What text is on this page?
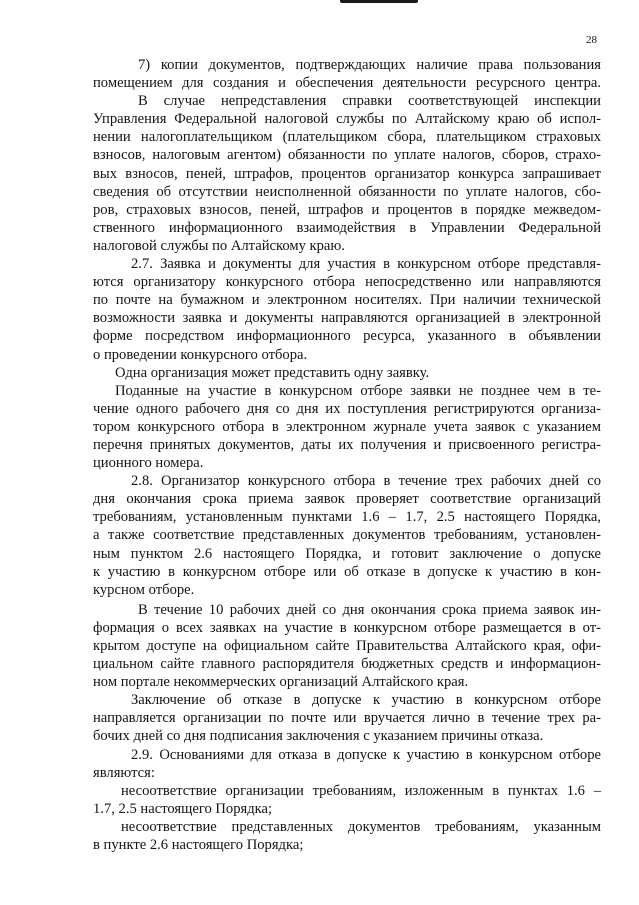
28
7) копии документов, подтверждающих наличие права пользования
помещением для создания и обеспечения деятельности ресурсного центра.
В случае непредставления справки соответствующей инспекции
Управления Федеральной налоговой службы по Алтайскому краю об испол-
нении налогоплательщиком (плательщиком сбора, плательщиком страховых
взносов, налоговым агентом) обязанности по уплате налогов, сборов, страхо-
вых взносов, пеней, штрафов, процентов организатор конкурса запрашивает
сведения об отсутствии неисполненной обязанности по уплате налогов, сбо-
ров, страховых взносов, пеней, штрафов и процентов в порядке межведом-
ственного информационного взаимодействия в Управлении Федеральной
налоговой службы по Алтайскому краю.
2.7. Заявка и документы для участия в конкурсном отборе представля-
ются организатору конкурсного отбора непосредственно или направляются
по почте на бумажном и электронном носителях. При наличии технической
возможности заявка и документы направляются организацией в электронной
форме посредством информационного ресурса, указанного в объявлении
о проведении конкурсного отбора.
Одна организация может представить одну заявку.
Поданные на участие в конкурсном отборе заявки не позднее чем в те-
чение одного рабочего дня со дня их поступления регистрируются организа-
тором конкурсного отбора в электронном журнале учета заявок с указанием
перечня принятых документов, даты их получения и присвоенного регистра-
ционного номера.
2.8. Организатор конкурсного отбора в течение трех рабочих дней со
дня окончания срока приема заявок проверяет соответствие организаций
требованиям, установленным пунктами 1.6 – 1.7, 2.5 настоящего Порядка,
а также соответствие представленных документов требованиям, установлен-
ным пунктом 2.6 настоящего Порядка, и готовит заключение о допуске
к участию в конкурсном отборе или об отказе в допуске к участию в кон-
курсном отборе.
В течение 10 рабочих дней со дня окончания срока приема заявок ин-
формация о всех заявках на участие в конкурсном отборе размещается в от-
крытом доступе на официальном сайте Правительства Алтайского края, офи-
циальном сайте главного распорядителя бюджетных средств и информацион-
ном портале некоммерческих организаций Алтайского края.
Заключение об отказе в допуске к участию в конкурсном отборе
направляется организации по почте или вручается лично в течение трех ра-
бочих дней со дня подписания заключения с указанием причины отказа.
2.9. Основаниями для отказа в допуске к участию в конкурсном отборе
являются:
несоответствие организации требованиям, изложенным в пунктах 1.6 –
1.7, 2.5 настоящего Порядка;
несоответствие представленных документов требованиям, указанным
в пункте 2.6 настоящего Порядка;
